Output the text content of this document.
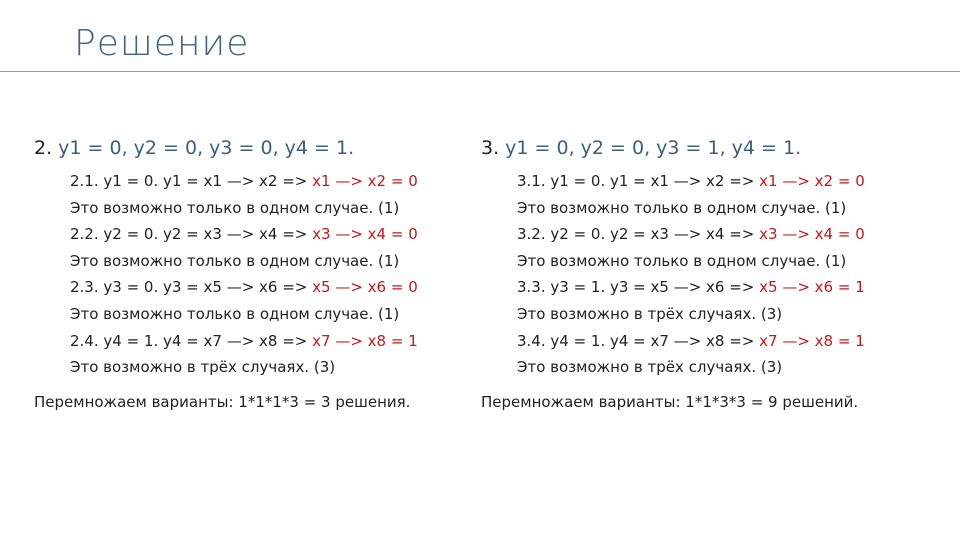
Решение
2. y1 = 0, y2 = 0, y3 = 0, y4 = 1.
2.1. y1 = 0. y1 = x1 —> x2 => x1 —> x2 = 0
Это возможно только в одном случае. (1)
2.2. y2 = 0. y2 = x3 —> x4 => x3 —> x4 = 0
Это возможно только в одном случае. (1)
2.3. y3 = 0. y3 = x5 —> x6 => x5 —> x6 = 0
Это возможно только в одном случае. (1)
2.4. y4 = 1. y4 = x7 —> x8 => x7 —> x8 = 1
Это возможно в трёх случаях. (3)
Перемножаем варианты: 1*1*1*3 = 3 решения.
3. y1 = 0, y2 = 0, y3 = 1, y4 = 1.
3.1. y1 = 0. y1 = x1 —> x2 => x1 —> x2 = 0
Это возможно только в одном случае. (1)
3.2. y2 = 0. y2 = x3 —> x4 => x3 —> x4 = 0
Это возможно только в одном случае. (1)
3.3. y3 = 1. y3 = x5 —> x6 => x5 —> x6 = 1
Это возможно в трёх случаях. (3)
3.4. y4 = 1. y4 = x7 —> x8 => x7 —> x8 = 1
Это возможно в трёх случаях. (3)
Перемножаем варианты: 1*1*3*3 = 9 решений.
